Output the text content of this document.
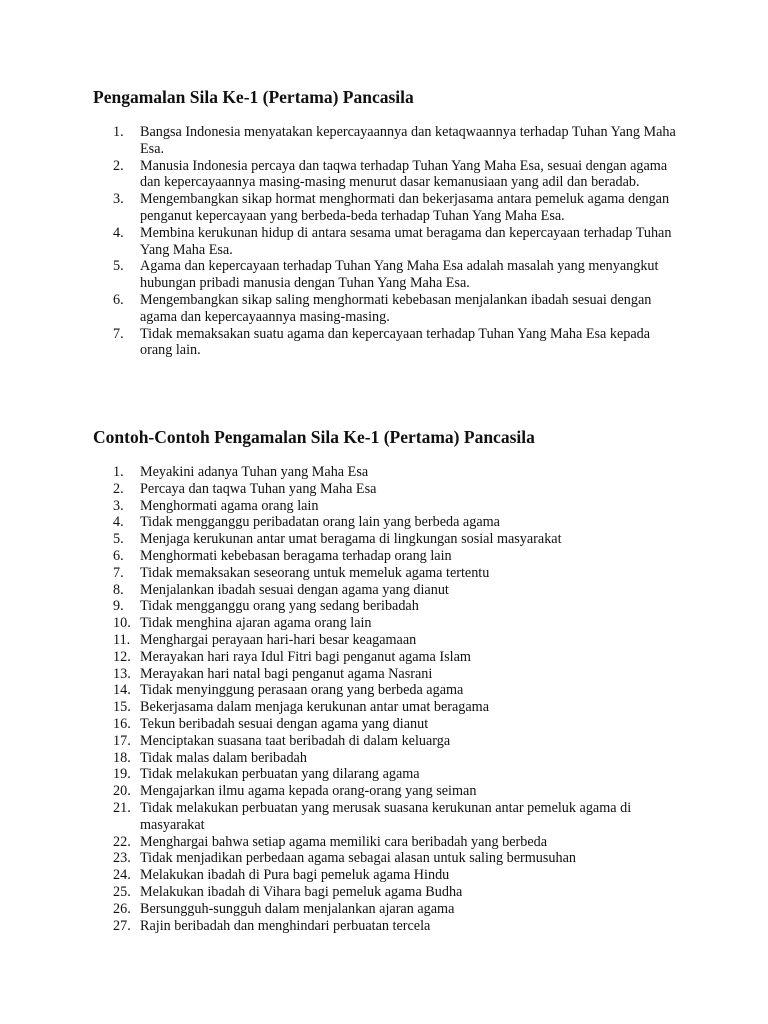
Pengamalan Sila Ke-1 (Pertama) Pancasila
1.	Bangsa Indonesia menyatakan kepercayaannya dan ketaqwaannya terhadap Tuhan Yang Maha Esa.
2.	Manusia Indonesia percaya dan taqwa terhadap Tuhan Yang Maha Esa, sesuai dengan agama dan kepercayaannya masing-masing menurut dasar kemanusiaan yang adil dan beradab.
3.	Mengembangkan sikap hormat menghormati dan bekerjasama antara pemeluk agama dengan penganut kepercayaan yang berbeda-beda terhadap Tuhan Yang Maha Esa.
4.	Membina kerukunan hidup di antara sesama umat beragama dan kepercayaan terhadap Tuhan Yang Maha Esa.
5.	Agama dan kepercayaan terhadap Tuhan Yang Maha Esa adalah masalah yang menyangkut hubungan pribadi manusia dengan Tuhan Yang Maha Esa.
6.	Mengembangkan sikap saling menghormati kebebasan menjalankan ibadah sesuai dengan agama dan kepercayaannya masing-masing.
7.	Tidak memaksakan suatu agama dan kepercayaan terhadap Tuhan Yang Maha Esa kepada orang lain.
Contoh-Contoh Pengamalan Sila Ke-1 (Pertama) Pancasila
1.	Meyakini adanya Tuhan yang Maha Esa
2.	Percaya dan taqwa Tuhan yang Maha Esa
3.	Menghormati agama orang lain
4.	Tidak mengganggu peribadatan orang lain yang berbeda agama
5.	Menjaga kerukunan antar umat beragama di lingkungan sosial masyarakat
6.	Menghormati kebebasan beragama terhadap orang lain
7.	Tidak memaksakan seseorang untuk memeluk agama tertentu
8.	Menjalankan ibadah sesuai dengan agama yang dianut
9.	Tidak mengganggu orang yang sedang beribadah
10. Tidak menghina ajaran agama orang lain
11. Menghargai perayaan hari-hari besar keagamaan
12. Merayakan hari raya Idul Fitri bagi penganut agama Islam
13. Merayakan hari natal bagi penganut agama Nasrani
14. Tidak menyinggung perasaan orang yang berbeda agama
15. Bekerjasama dalam menjaga kerukunan antar umat beragama
16. Tekun beribadah sesuai dengan agama yang dianut
17. Menciptakan suasana taat beribadah di dalam keluarga
18. Tidak malas dalam beribadah
19. Tidak melakukan perbuatan yang dilarang agama
20. Mengajarkan ilmu agama kepada orang-orang yang seiman
21. Tidak melakukan perbuatan yang merusak suasana kerukunan antar pemeluk agama di masyarakat
22. Menghargai bahwa setiap agama memiliki cara beribadah yang berbeda
23. Tidak menjadikan perbedaan agama sebagai alasan untuk saling bermusuhan
24. Melakukan ibadah di Pura bagi pemeluk agama Hindu
25. Melakukan ibadah di Vihara bagi pemeluk agama Budha
26. Bersungguh-sungguh dalam menjalankan ajaran agama
27. Rajin beribadah dan menghindari perbuatan tercela
